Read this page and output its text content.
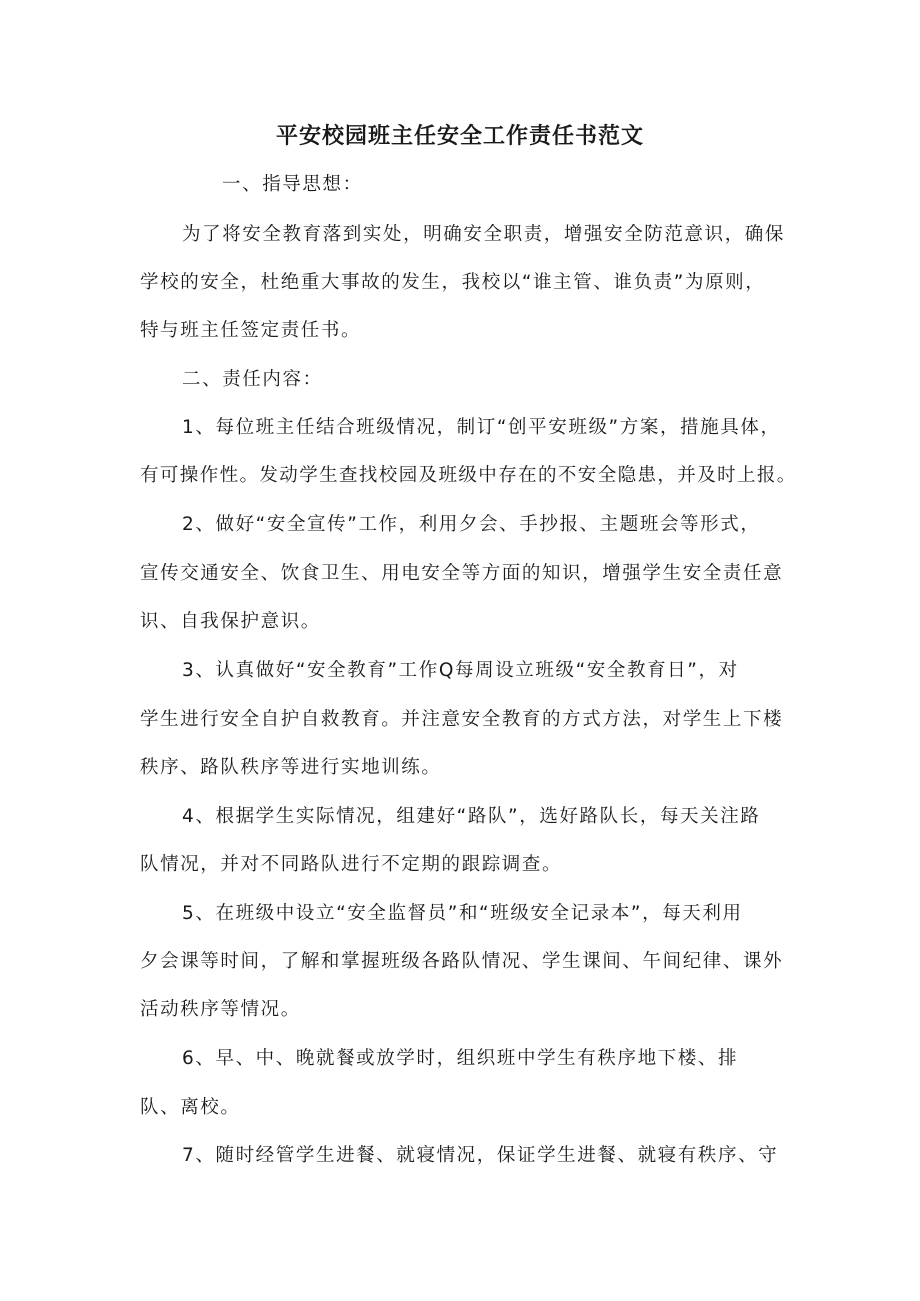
平安校园班主任安全工作责任书范文
一、指导思想：
为了将安全教育落到实处，明确安全职责，增强安全防范意识，确保
学校的安全，杜绝重大事故的发生，我校以“谁主管、谁负责”为原则，
特与班主任签定责任书。
二、责任内容：
1、每位班主任结合班级情况，制订“创平安班级”方案，措施具体，
有可操作性。发动学生查找校园及班级中存在的不安全隐患，并及时上报。
2、做好“安全宣传”工作，利用夕会、手抄报、主题班会等形式，
宣传交通安全、饮食卫生、用电安全等方面的知识，增强学生安全责任意
识、自我保护意识。
3、认真做好“安全教育”工作Q每周设立班级“安全教育日”，对
学生进行安全自护自救教育。并注意安全教育的方式方法，对学生上下楼
秩序、路队秩序等进行实地训练。
4、根据学生实际情况，组建好“路队”，选好路队长，每天关注路
队情况，并对不同路队进行不定期的跟踪调查。
5、在班级中设立“安全监督员”和“班级安全记录本”，每天利用
夕会课等时间，了解和掌握班级各路队情况、学生课间、午间纪律、课外
活动秩序等情况。
6、早、中、晚就餐或放学时，组织班中学生有秩序地下楼、排
队、离校。
7、随时经管学生进餐、就寝情况，保证学生进餐、就寝有秩序、守
